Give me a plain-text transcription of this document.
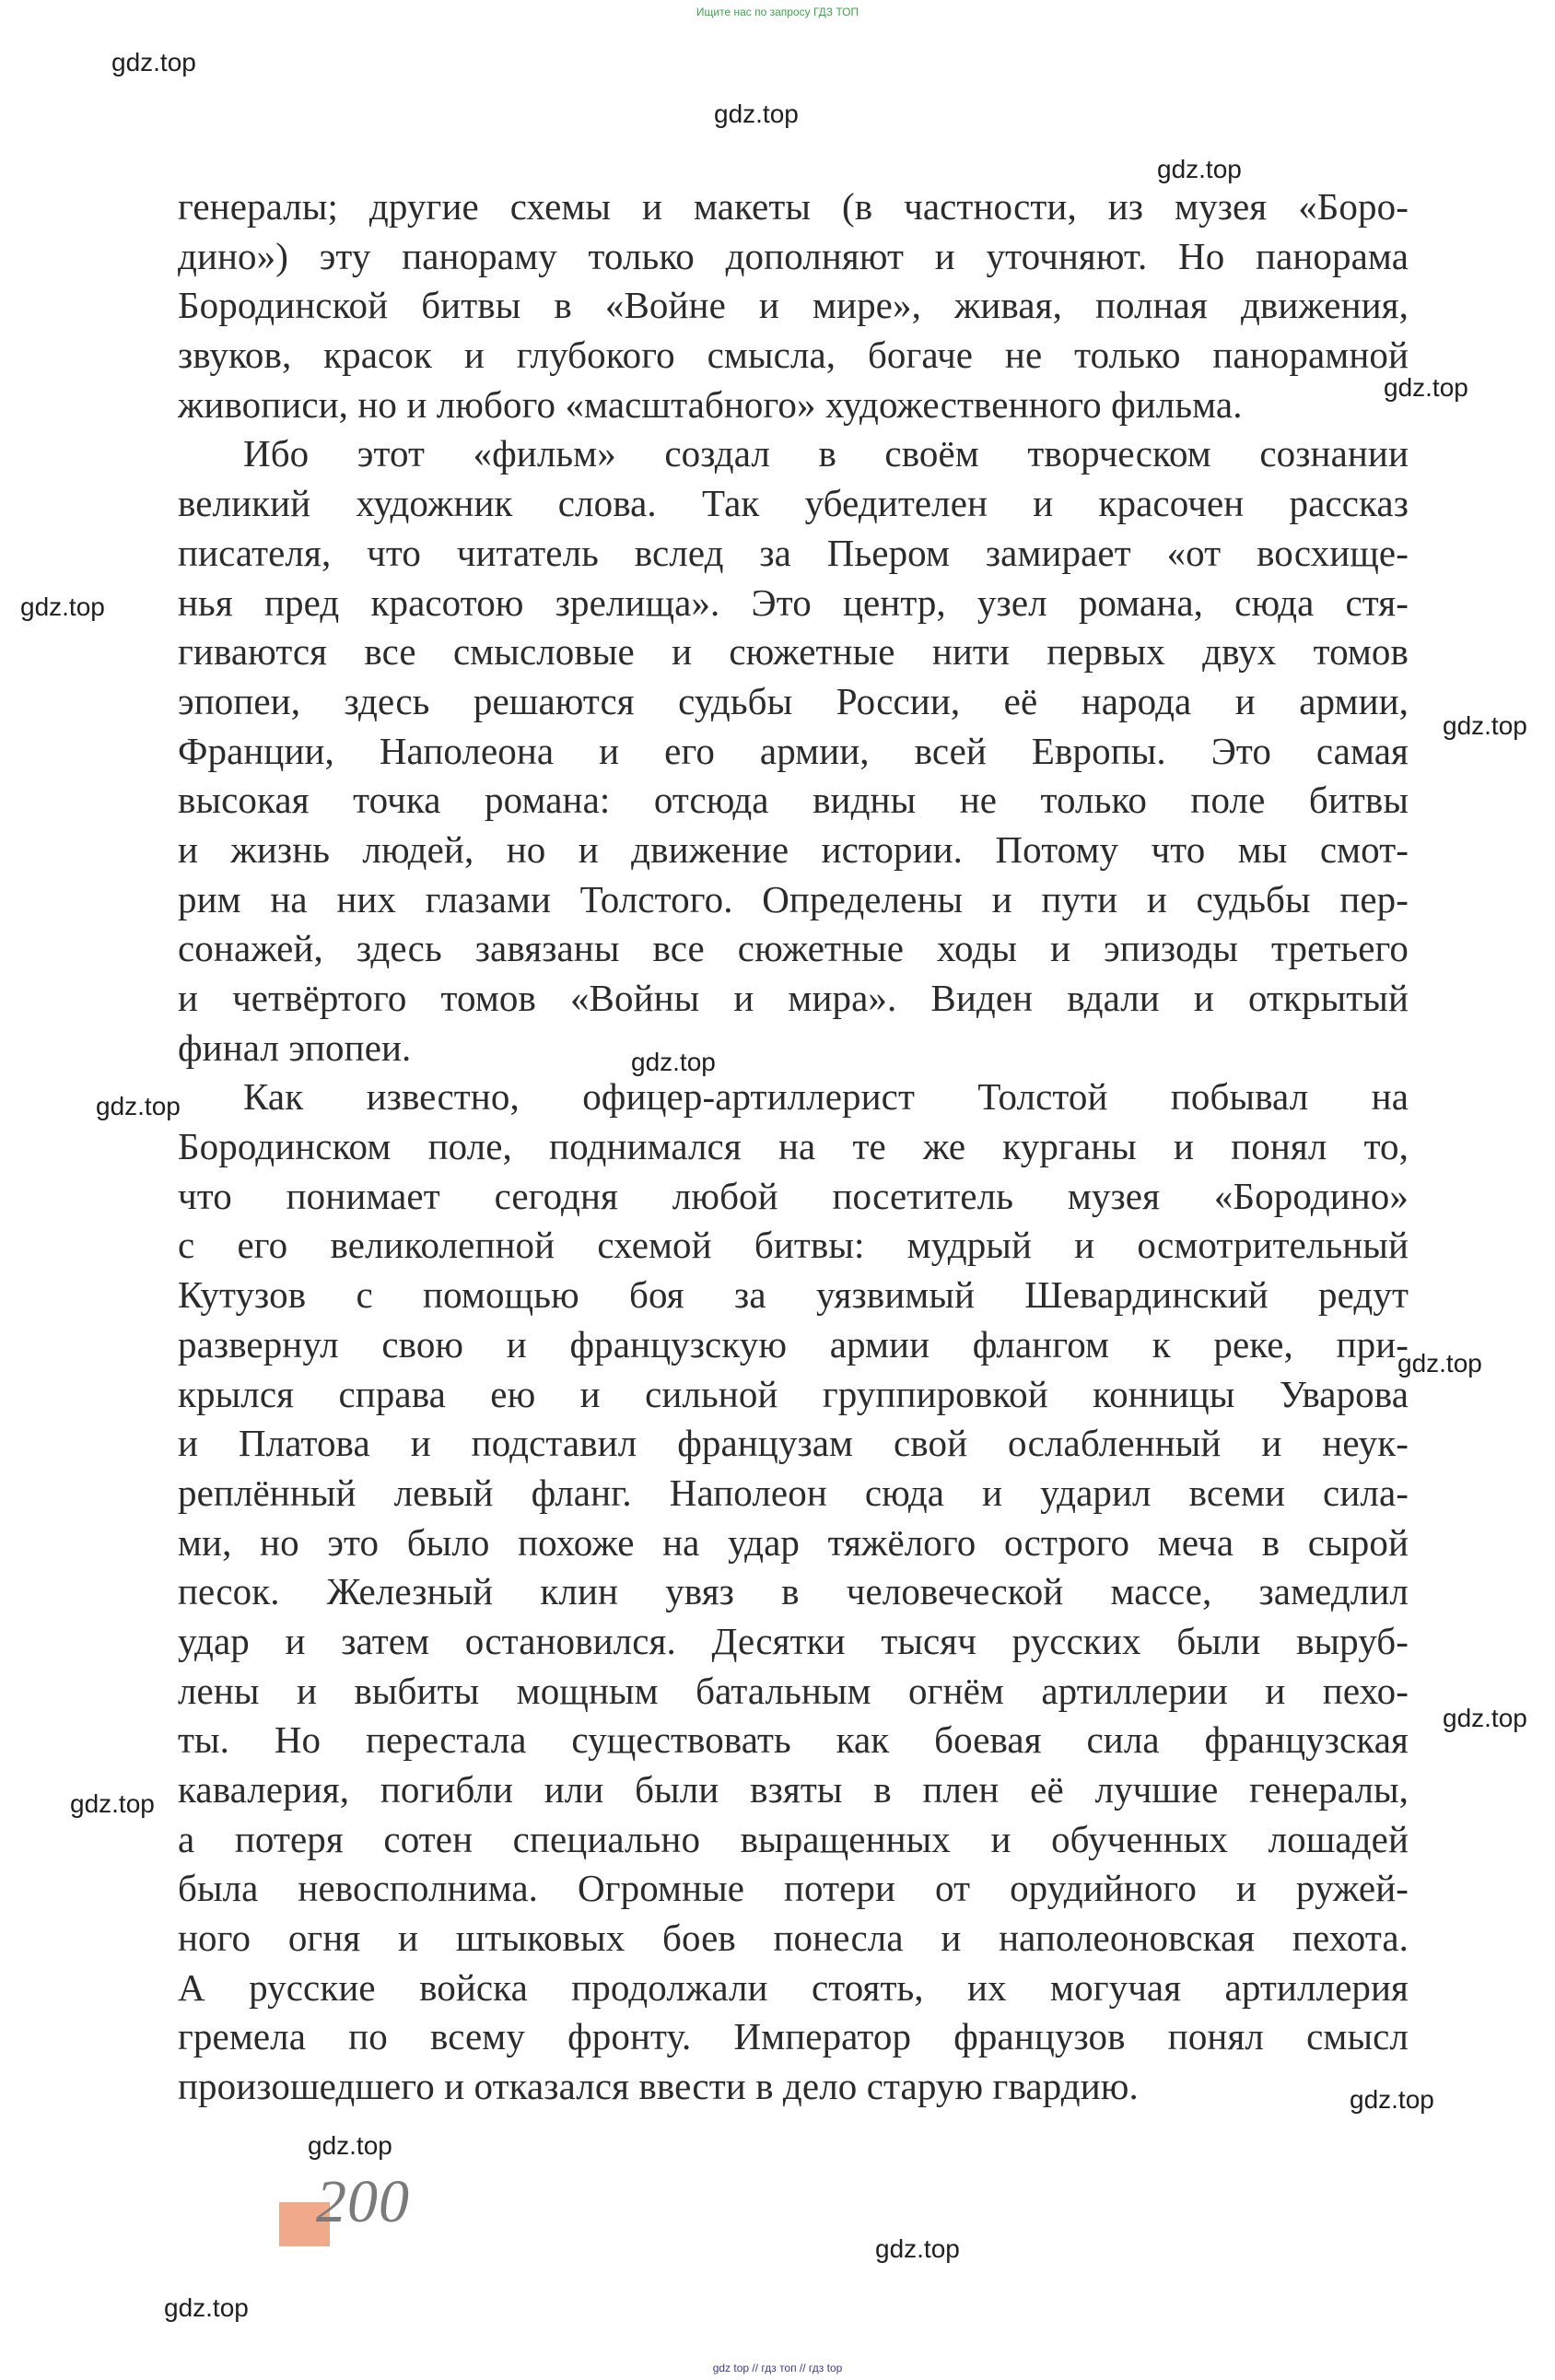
Ищите нас по запросу ГДЗ ТОП
gdz.top
gdz.top
gdz.top
gdz.top
gdz.top
gdz.top
gdz.top
gdz.top
gdz.top
gdz.top
gdz.top
gdz.top
gdz.top
gdz.top
gdz.top
генералы; другие схемы и макеты (в частности, из музея «Боро-
дино») эту панораму только дополняют и уточняют. Но панорама
Бородинской битвы в «Войне и мире», живая, полная движения,
звуков, красок и глубокого смысла, богаче не только панорамной
живописи, но и любого «масштабного» художественного фильма.
Ибо этот «фильм» создал в своём творческом сознании
великий художник слова. Так убедителен и красочен рассказ
писателя, что читатель вслед за Пьером замирает «от восхище-
нья пред красотою зрелища». Это центр, узел романа, сюда стя-
гиваются все смысловые и сюжетные нити первых двух томов
эпопеи, здесь решаются судьбы России, её народа и армии,
Франции, Наполеона и его армии, всей Европы. Это самая
высокая точка романа: отсюда видны не только поле битвы
и жизнь людей, но и движение истории. Потому что мы смот-
рим на них глазами Толстого. Определены и пути и судьбы пер-
сонажей, здесь завязаны все сюжетные ходы и эпизоды третьего
и четвёртого томов «Войны и мира». Виден вдали и открытый
финал эпопеи.
Как известно, офицер-артиллерист Толстой побывал на
Бородинском поле, поднимался на те же курганы и понял то,
что понимает сегодня любой посетитель музея «Бородино»
с его великолепной схемой битвы: мудрый и осмотрительный
Кутузов с помощью боя за уязвимый Шевардинский редут
развернул свою и французскую армии флангом к реке, при-
крылся справа ею и сильной группировкой конницы Уварова
и Платова и подставил французам свой ослабленный и неук-
реплённый левый фланг. Наполеон сюда и ударил всеми сила-
ми, но это было похоже на удар тяжёлого острого меча в сырой
песок. Железный клин увяз в человеческой массе, замедлил
удар и затем остановился. Десятки тысяч русских были выруб-
лены и выбиты мощным батальным огнём артиллерии и пехо-
ты. Но перестала существовать как боевая сила французская
кавалерия, погибли или были взяты в плен её лучшие генералы,
а потеря сотен специально выращенных и обученных лошадей
была невосполнима. Огромные потери от орудийного и ружей-
ного огня и штыковых боев понесла и наполеоновская пехота.
А русские войска продолжали стоять, их могучая артиллерия
гремела по всему фронту. Император французов понял смысл
произошедшего и отказался ввести в дело старую гвардию.
200
gdz top // гдз топ // гдз top
